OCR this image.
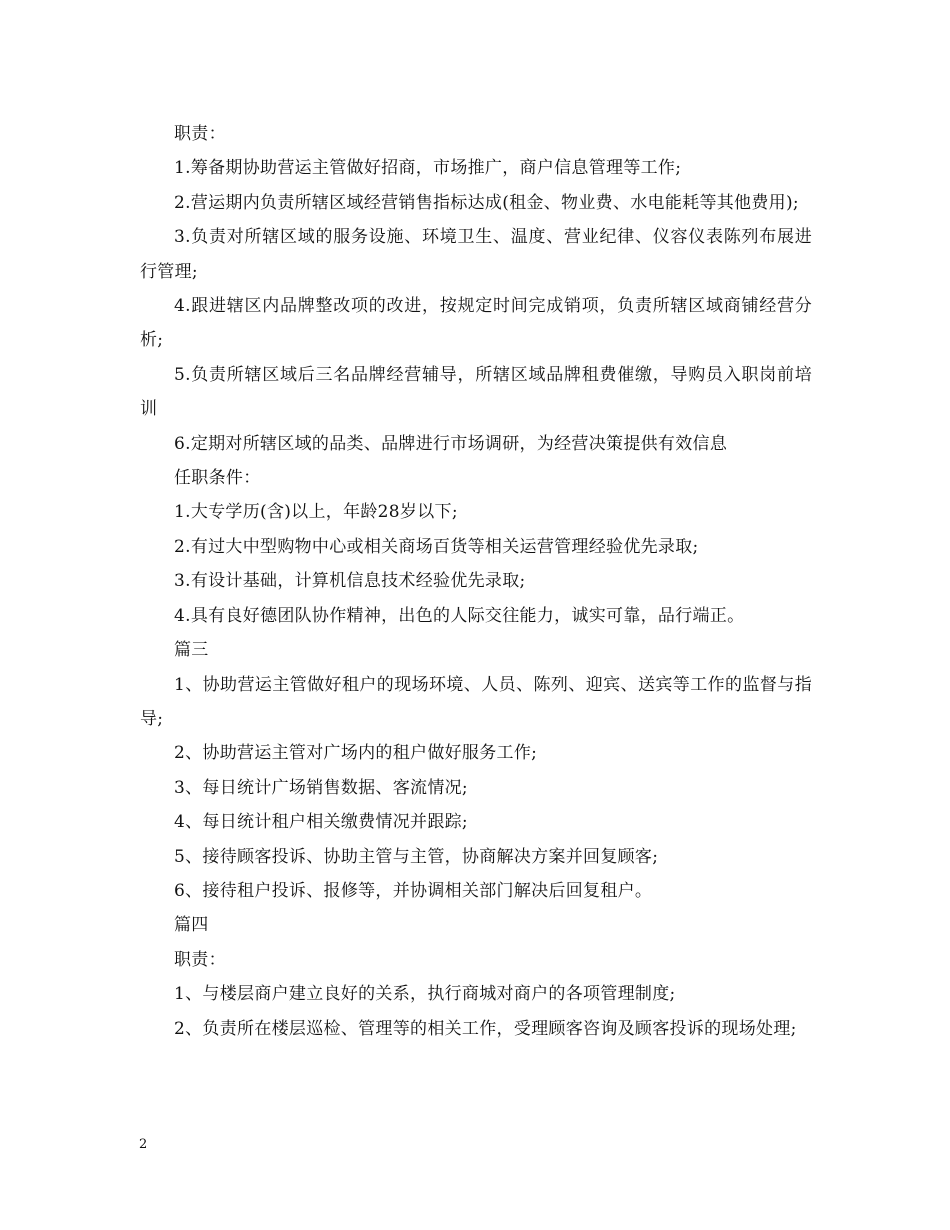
职责：

1.筹备期协助营运主管做好招商，市场推广，商户信息管理等工作;

2.营运期内负责所辖区域经营销售指标达成(租金、物业费、水电能耗等其他费用);

3.负责对所辖区域的服务设施、环境卫生、温度、营业纪律、仪容仪表陈列布展进行管理;

4.跟进辖区内品牌整改项的改进，按规定时间完成销项，负责所辖区域商铺经营分析;

5.负责所辖区域后三名品牌经营辅导，所辖区域品牌租费催缴，导购员入职岗前培训

6.定期对所辖区域的品类、品牌进行市场调研，为经营决策提供有效信息

任职条件：

1.大专学历(含)以上，年龄28岁以下;

2.有过大中型购物中心或相关商场百货等相关运营管理经验优先录取;

3.有设计基础，计算机信息技术经验优先录取;

4.具有良好德团队协作精神，出色的人际交往能力，诚实可靠，品行端正。

篇三

1、协助营运主管做好租户的现场环境、人员、陈列、迎宾、送宾等工作的监督与指导;

2、协助营运主管对广场内的租户做好服务工作;

3、每日统计广场销售数据、客流情况;

4、每日统计租户相关缴费情况并跟踪;

5、接待顾客投诉、协助主管与主管，协商解决方案并回复顾客;

6、接待租户投诉、报修等，并协调相关部门解决后回复租户。

篇四

职责：

1、与楼层商户建立良好的关系，执行商城对商户的各项管理制度;

2、负责所在楼层巡检、管理等的相关工作，受理顾客咨询及顾客投诉的现场处理;

2
